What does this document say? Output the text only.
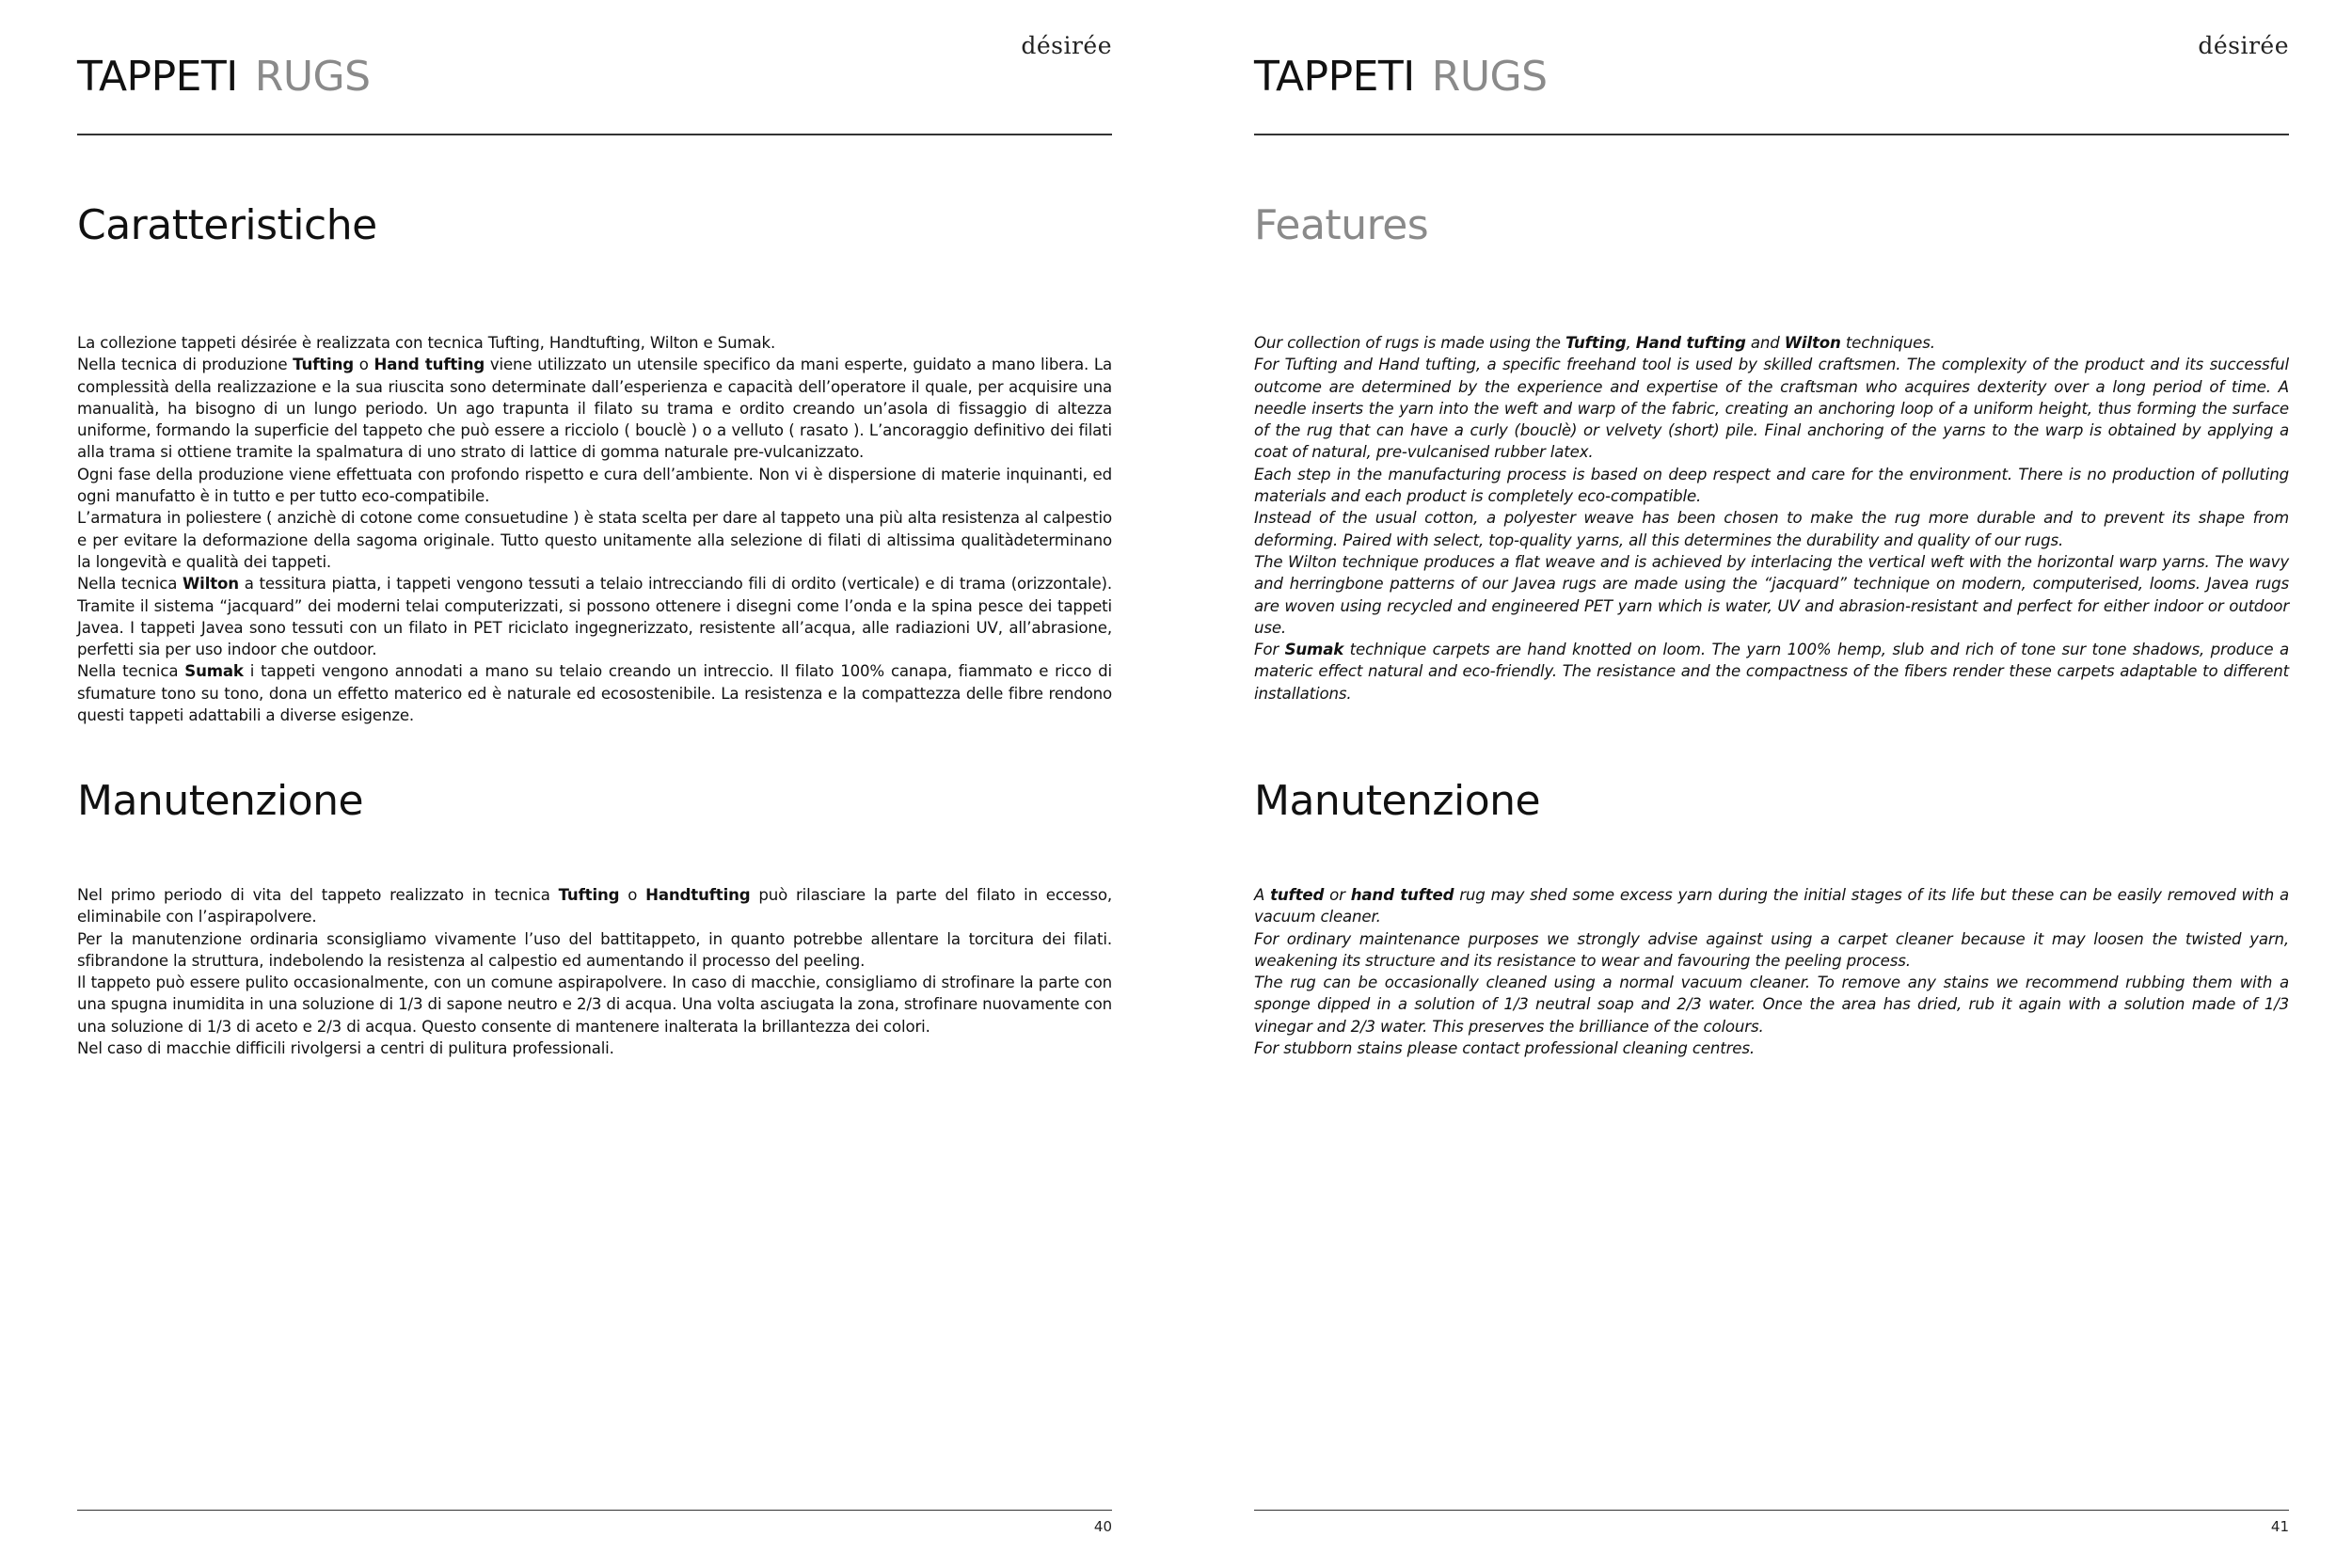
désirée
TAPPETI RUGS
Caratteristiche

La collezione tappeti désirée è realizzata con tecnica Tufting, Handtufting, Wilton e Sumak.

Nella tecnica di produzione Tufting o Hand tufting viene utilizzato un utensile specifico da mani esperte, guidato a mano libera. La complessità della realizzazione e la sua riuscita sono determinate dall’esperienza e capacità dell’operatore il quale, per acquisire una manualità, ha bisogno di un lungo periodo. Un ago trapunta il filato su trama e ordito creando un’asola di fissaggio di altezza uniforme, formando la superficie del tappeto che può essere a ricciolo ( bouclè ) o a velluto ( rasato ). L’ancoraggio definitivo dei filati alla trama si ottiene tramite la spalmatura di uno strato di lattice di gomma naturale pre-vulcanizzato.

Ogni fase della produzione viene effettuata con profondo rispetto e cura dell’ambiente. Non vi è dispersione di materie inquinanti, ed ogni manufatto è in tutto e per tutto eco-compatibile.

L’armatura in poliestere ( anzichè di cotone come consuetudine ) è stata scelta per dare al tappeto una più alta resistenza al calpestio e per evitare la deformazione della sagoma originale. Tutto questo unitamente alla selezione di filati di altissima qualitàdeterminano la longevità e qualità dei tappeti.

Nella tecnica Wilton a tessitura piatta, i tappeti vengono tessuti a telaio intrecciando fili di ordito (verticale) e di trama (orizzontale). Tramite il sistema “jacquard” dei moderni telai computerizzati, si possono ottenere i disegni come l’onda e la spina pesce dei tappeti Javea. I tappeti Javea sono tessuti con un filato in PET riciclato ingegnerizzato, resistente all’acqua, alle radiazioni UV, all’abrasione, perfetti sia per uso indoor che outdoor.

Nella tecnica Sumak i tappeti vengono annodati a mano su telaio creando un intreccio. Il filato 100% canapa, fiammato e ricco di sfumature tono su tono, dona un effetto materico ed è naturale ed ecosostenibile. La resistenza e la compattezza delle fibre rendono questi tappeti adattabili a diverse esigenze.

Manutenzione

Nel primo periodo di vita del tappeto realizzato in tecnica Tufting o Handtufting può rilasciare la parte del filato in eccesso, eliminabile con l’aspirapolvere.

Per la manutenzione ordinaria sconsigliamo vivamente l’uso del battitappeto, in quanto potrebbe allentare la torcitura dei filati. sfibrandone la struttura, indebolendo la resistenza al calpestio ed aumentando il processo del peeling.

Il tappeto può essere pulito occasionalmente, con un comune aspirapolvere. In caso di macchie, consigliamo di strofinare la parte con una spugna inumidita in una soluzione di 1/3 di sapone neutro e 2/3 di acqua. Una volta asciugata la zona, strofinare nuovamente con una soluzione di 1/3 di aceto e 2/3 di acqua. Questo consente di mantenere inalterata la brillantezza dei colori.

Nel caso di macchie difficili rivolgersi a centri di pulitura professionali.

40
désirée
TAPPETI RUGS
Features

Our collection of rugs is made using the Tufting, Hand tufting and Wilton techniques.

For Tufting and Hand tufting, a specific freehand tool is used by skilled craftsmen. The complexity of the product and its successful outcome are determined by the experience and expertise of the craftsman who acquires dexterity over a long period of time. A needle inserts the yarn into the weft and warp of the fabric, creating an anchoring loop of a uniform height, thus forming the surface of the rug that can have a curly (bouclè) or velvety (short) pile. Final anchoring of the yarns to the warp is obtained by applying a coat of natural, pre-vulcanised rubber latex.

Each step in the manufacturing process is based on deep respect and care for the environment. There is no production of polluting materials and each product is completely eco-compatible.

Instead of the usual cotton, a polyester weave has been chosen to make the rug more durable and to prevent its shape from deforming. Paired with select, top-quality yarns, all this determines the durability and quality of our rugs.

The Wilton technique produces a flat weave and is achieved by interlacing the vertical weft with the horizontal warp yarns. The wavy and herringbone patterns of our Javea rugs are made using the “jacquard” technique on modern, computerised, looms. Javea rugs are woven using recycled and engineered PET yarn which is water, UV and abrasion-resistant and perfect for either indoor or outdoor use.

For Sumak technique carpets are hand knotted on loom. The yarn 100% hemp, slub and rich of tone sur tone shadows, produce a materic effect natural and eco-friendly. The resistance and the compactness of the fibers render these carpets adaptable to different installations.

Manutenzione

A tufted or hand tufted rug may shed some excess yarn during the initial stages of its life but these can be easily removed with a vacuum cleaner.

For ordinary maintenance purposes we strongly advise against using a carpet cleaner because it may loosen the twisted yarn, weakening its structure and its resistance to wear and favouring the peeling process.

The rug can be occasionally cleaned using a normal vacuum cleaner. To remove any stains we recommend rubbing them with a sponge dipped in a solution of 1/3 neutral soap and 2/3 water. Once the area has dried, rub it again with a solution made of 1/3 vinegar and 2/3 water. This preserves the brilliance of the colours.

For stubborn stains please contact professional cleaning centres.

41
